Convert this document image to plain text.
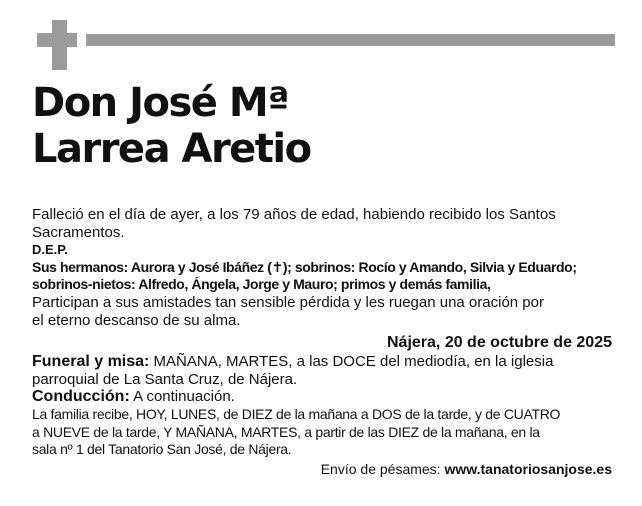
Don José Mª
Larrea Aretio

Falleció en el día de ayer, a los 79 años de edad, habiendo recibido los Santos

Sacramentos.

D.E.P.

Sus hermanos: Aurora y José Ibáñez (✝); sobrinos: Rocío y Amando, Silvia y Eduardo;

sobrinos-nietos: Alfredo, Ángela, Jorge y Mauro; primos y demás familia,

Participan a sus amistades tan sensible pérdida y les ruegan una oración por

el eterno descanso de su alma.

Nájera, 20 de octubre de 2025

Funeral y misa: MAÑANA, MARTES, a las DOCE del mediodía, en la iglesia

parroquial de La Santa Cruz, de Nájera.

Conducción: A continuación.

La familia recibe, HOY, LUNES, de DIEZ de la mañana a DOS de la tarde, y de CUATRO

a NUEVE de la tarde, Y MAÑANA, MARTES, a partir de las DIEZ de la mañana, en la

sala nº 1 del Tanatorio San José, de Nájera.

Envío de pésames: www.tanatoriosanjose.es
